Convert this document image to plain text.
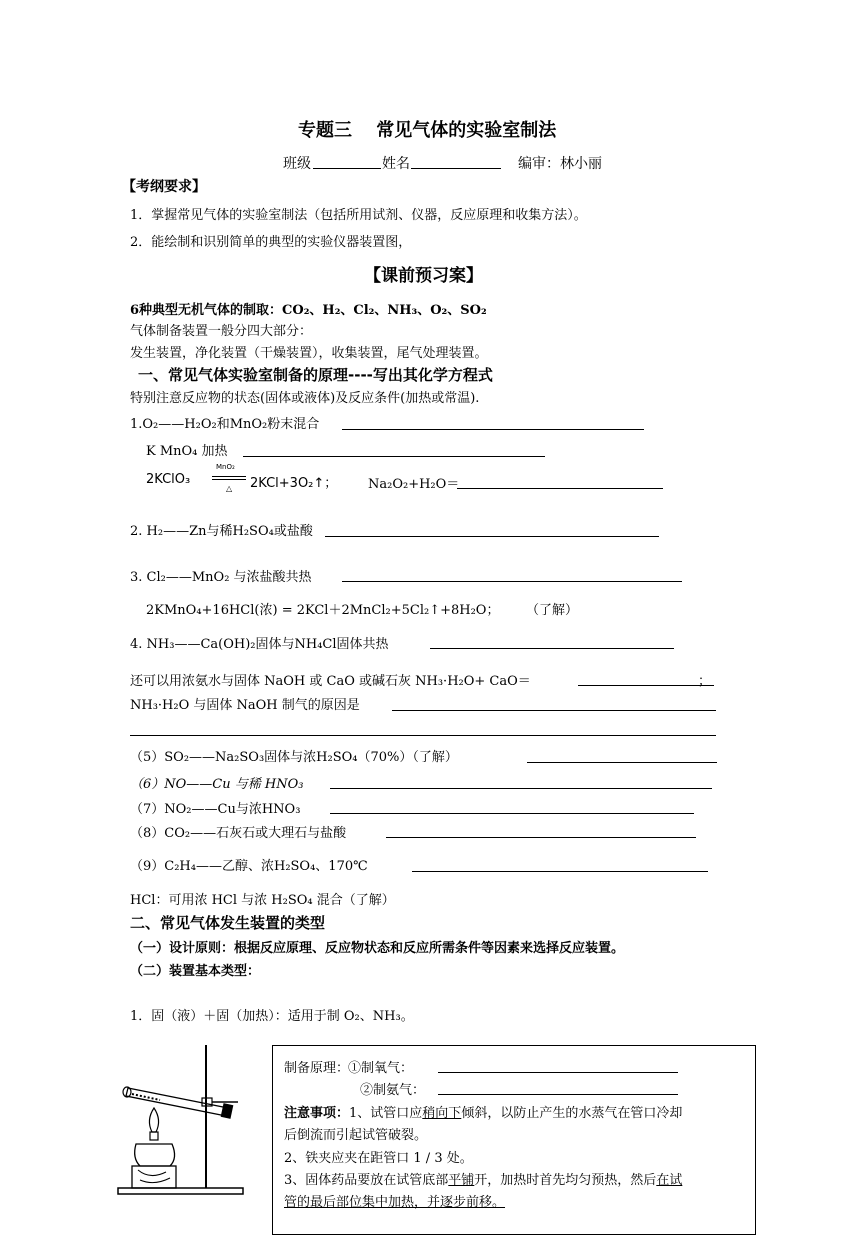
专题三　 常见气体的实验室制法
班级	姓名	编审：林小丽
【考纲要求】
1．掌握常见气体的实验室制法（包括所用试剂、仪器，反应原理和收集方法）。
2．能绘制和识别简单的典型的实验仪器装置图，
【课前预习案】
6种典型无机气体的制取：CO₂、H₂、Cl₂、NH₃、O₂、SO₂
气体制备装置一般分四大部分：
发生装置，净化装置（干燥装置），收集装置，尾气处理装置。
一、常见气体实验室制备的原理----写出其化学方程式
特别注意反应物的状态(固体或液体)及反应条件(加热或常温).
1.O₂——H₂O₂和MnO₂粉末混合
K MnO₄ 加热
2KClO₃
MnO₂
△ 2KCl+3O₂↑； Na₂O₂+H₂O＝
2. H₂——Zn与稀H₂SO₄或盐酸
3. Cl₂——MnO₂ 与浓盐酸共热
2KMnO₄+16HCl(浓) = 2KCl＋2MnCl₂+5Cl₂↑+8H₂O； （了解）
4. NH₃——Ca(OH)₂固体与NH₄Cl固体共热
还可以用浓氨水与固体 NaOH 或 CaO 或碱石灰 NH₃·H₂O+ CaO＝	；
NH₃·H₂O 与固体 NaOH 制气的原因是
（5）SO₂——Na₂SO₃固体与浓H₂SO₄（70%）（了解）
（6）NO——Cu 与稀 HNO₃
（7）NO₂——Cu与浓HNO₃
（8）CO₂——石灰石或大理石与盐酸
（9）C₂H₄——乙醇、浓H₂SO₄、170℃
HCl：可用浓 HCl 与浓 H₂SO₄ 混合（了解）
二、常见气体发生装置的类型
（一）设计原则：根据反应原理、反应物状态和反应所需条件等因素来选择反应装置。
（二）装置基本类型：
1．固（液）＋固（加热）：适用于制 O₂、NH₃。
制备原理：
①制氧气：
②制氨气：
注意事项：1、试管口应稍向下倾斜，以防止产生的水蒸气在管口冷却
后倒流而引起试管破裂。
2、铁夹应夹在距管口 1 / 3 处。
3、固体药品要放在试管底部平铺开，加热时首先均匀预热，然后在试
管的最后部位集中加热，并逐步前移。
